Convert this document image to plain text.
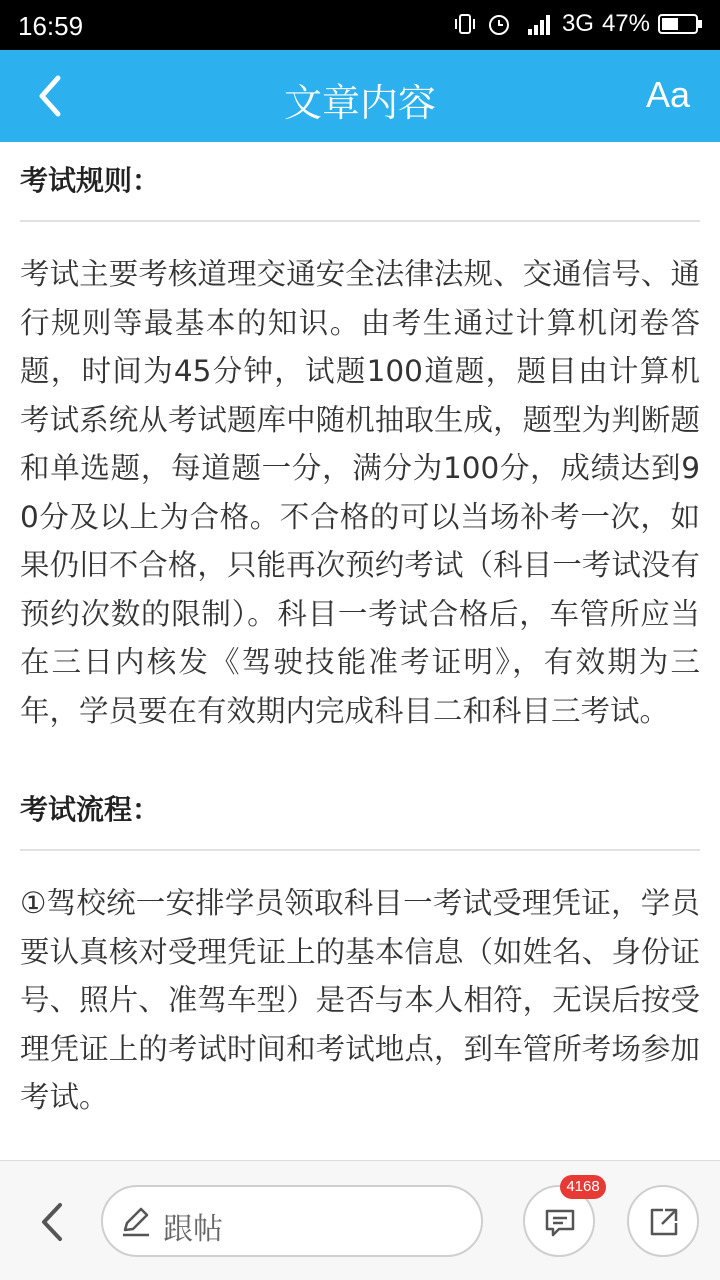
16:59	3G 47%
文章内容	Aa
考试规则：
考试主要考核道理交通安全法律法规、交通信号、通行规则等最基本的知识。由考生通过计算机闭卷答题，时间为45分钟，试题100道题，题目由计算机考试系统从考试题库中随机抽取生成，题型为判断题和单选题，每道题一分，满分为100分，成绩达到90分及以上为合格。不合格的可以当场补考一次，如果仍旧不合格，只能再次预约考试（科目一考试没有预约次数的限制）。科目一考试合格后，车管所应当在三日内核发《驾驶技能准考证明》，有效期为三年，学员要在有效期内完成科目二和科目三考试。
考试流程：
①驾校统一安排学员领取科目一考试受理凭证，学员要认真核对受理凭证上的基本信息（如姓名、身份证号、照片、准驾车型）是否与本人相符，无误后按受理凭证上的考试时间和考试地点，到车管所考场参加考试。
跟帖
4168
